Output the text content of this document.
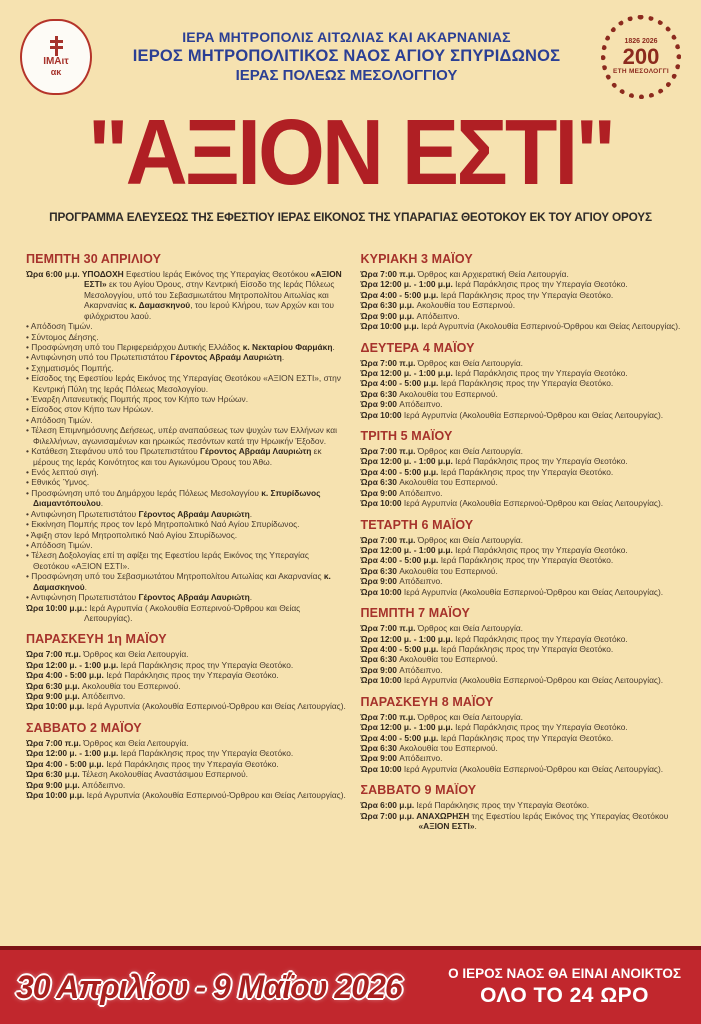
ΙΜΑιτ
ακ
ΙΕΡΑ ΜΗΤΡΟΠΟΛΙΣ ΑΙΤΩΛΙΑΣ ΚΑΙ ΑΚΑΡΝΑΝΙΑΣ
ΙΕΡΟΣ ΜΗΤΡΟΠΟΛΙΤΙΚΟΣ ΝΑΟΣ ΑΓΙΟΥ ΣΠΥΡΙΔΩΝΟΣ
ΙΕΡΑΣ ΠΟΛΕΩΣ ΜΕΣΟΛΟΓΓΙΟΥ
1826 2026
200
ΕΤΗ ΜΕΣΟΛΟΓΓΙ
"ΑΞΙΟΝ ΕΣΤΙ"
ΠΡΟΓΡΑΜΜΑ ΕΛΕΥΣΕΩΣ ΤΗΣ ΕΦΕΣΤΙΟΥ ΙΕΡΑΣ ΕΙΚΟΝΟΣ ΤΗΣ ΥΠΑΡΑΓΙΑΣ ΘΕΟΤΟΚΟΥ ΕΚ ΤΟΥ ΑΓΙΟΥ ΟΡΟΥΣ
ΠΕΜΠΤΗ 30 ΑΠΡΙΛΙΟΥ

Ώρα 6:00 μ.μ. ΥΠΟΔΟΧΗ Εφεστίου Ιεράς Εικόνος της Υπεραγίας Θεοτόκου «ΑΞΙΟΝ ΕΣΤΙ» εκ του Αγίου Όρους, στην Κεντρική Είσοδο της Ιεράς Πόλεως Μεσολογγίου, υπό του Σεβασμιωτάτου Μητροπολίτου Αιτωλίας και Ακαρνανίας κ. Δαμασκηνού, του Ιερού Κλήρου, των Αρχών και του φιλόχριστου λαού.

• Απόδοση Τιμών.

• Σύντομος Δέησης.

• Προσφώνηση υπό του Περιφερειάρχου Δυτικής Ελλάδος κ. Νεκταρίου Φαρμάκη.

• Αντιφώνηση υπό του Πρωτεπιστάτου Γέροντος Αβραάμ Λαυριώτη.

• Σχηματισμός Πομπής.

• Είσοδος της Εφεστίου Ιεράς Εικόνος της Υπεραγίας Θεοτόκου «ΑΞΙΟΝ ΕΣΤΙ», στην Κεντρική Πύλη της Ιεράς Πόλεως Μεσολογγίου.

• Έναρξη Λιτανευτικής Πομπής προς τον Κήπο των Ηρώων.

• Είσοδος στον Κήπο των Ηρώων.

• Απόδοση Τιμών.

• Τέλεση Επιμνημόσυνης Δεήσεως, υπέρ αναπαύσεως των ψυχών των Ελλήνων και Φιλελλήνων, αγωνισαμένων και ηρωικώς πεσόντων κατά την Ηρωικήν Έξοδον.

• Κατάθεση Στεφάνου υπό του Πρωτεπιστάτου Γέροντος Αβραάμ Λαυριώτη εκ μέρους της Ιεράς Κοινότητος και του Αγιωνύμου Όρους του Άθω.

• Ενός λεπτού σιγή.

• Εθνικός Ύμνος.

• Προσφώνηση υπό του Δημάρχου Ιεράς Πόλεως Μεσολογγίου κ. Σπυρίδωνος Διαμαντόπουλου.

• Αντιφώνηση Πρωτεπιστάτου Γέροντος Αβραάμ Λαυριώτη.

• Εκκίνηση Πομπής προς τον Ιερό Μητροπολιτικό Ναό Αγίου Σπυρίδωνος.

• Άφιξη στον Ιερό Μητροπολιτικό Ναό Αγίου Σπυρίδωνος.

• Απόδοση Τιμών.

• Τέλεση Δοξολογίας επί τη αφίξει της Εφεστίου Ιεράς Εικόνος της Υπεραγίας Θεοτόκου «ΑΞΙΟΝ ΕΣΤΙ».

• Προσφώνηση υπό του Σεβασμιωτάτου Μητροπολίτου Αιτωλίας και Ακαρνανίας κ. Δαμασκηνού.

• Αντιφώνηση Πρωτεπιστάτου Γέροντος Αβραάμ Λαυριώτη.

Ώρα 10:00 μ.μ.: Ιερά Αγρυπνία ( Ακολουθία Εσπερινού-Όρθρου και Θείας Λειτουργίας).

ΠΑΡΑΣΚΕΥΗ 1η ΜΑΪΟΥ

Ώρα 7:00 π.μ. Όρθρος και Θεία Λειτουργία.

Ώρα 12:00 μ. - 1:00 μ.μ. Ιερά Παράκλησις προς την Υπεραγία Θεοτόκο.

Ώρα 4:00 - 5:00 μ.μ. Ιερά Παράκλησις προς την Υπεραγία Θεοτόκο.

Ώρα 6:30 μ.μ. Ακολουθία του Εσπερινού.

Ώρα 9:00 μ.μ. Απόδειπνο.

Ώρα 10:00 μ.μ. Ιερά Αγρυπνία (Ακολουθία Εσπερινού-Όρθρου και Θείας Λειτουργίας).

ΣΑΒΒΑΤΟ 2 ΜΑΪΟΥ

Ώρα 7:00 π.μ. Όρθρος και Θεία Λειτουργία.

Ώρα 12:00 μ. - 1:00 μ.μ. Ιερά Παράκλησις προς την Υπεραγία Θεοτόκο.

Ώρα 4:00 - 5:00 μ.μ. Ιερά Παράκλησις προς την Υπεραγία Θεοτόκο.

Ώρα 6:30 μ.μ. Τέλεση Ακολουθίας Αναστάσιμου Εσπερινού.

Ώρα 9:00 μ.μ. Απόδειπνο.

Ώρα 10:00 μ.μ. Ιερά Αγρυπνία (Ακολουθία Εσπερινού-Όρθρου και Θείας Λειτουργίας).

ΚΥΡΙΑΚΗ 3 ΜΑΪΟΥ

Ώρα 7:00 π.μ. Όρθρος και Αρχιερατική Θεία Λειτουργία.

Ώρα 12:00 μ. - 1:00 μ.μ. Ιερά Παράκλησις προς την Υπεραγία Θεοτόκο.

Ώρα 4:00 - 5:00 μ.μ. Ιερά Παράκλησις προς την Υπεραγία Θεοτόκο.

Ώρα 6:30 μ.μ. Ακολουθία του Εσπερινού.

Ώρα 9:00 μ.μ. Απόδειπνο.

Ώρα 10:00 μ.μ. Ιερά Αγρυπνία (Ακολουθία Εσπερινού-Όρθρου και Θείας Λειτουργίας).

ΔΕΥΤΕΡΑ 4 ΜΑΪΟΥ

Ώρα 7:00 π.μ. Όρθρος και Θεία Λειτουργία.

Ώρα 12:00 μ. - 1:00 μ.μ. Ιερά Παράκλησις προς την Υπεραγία Θεοτόκο.

Ώρα 4:00 - 5:00 μ.μ. Ιερά Παράκλησις προς την Υπεραγία Θεοτόκο.

Ώρα 6:30 Ακολουθία του Εσπερινού.

Ώρα 9:00 Απόδειπνο.

Ώρα 10:00 Ιερά Αγρυπνία (Ακολουθία Εσπερινού-Όρθρου και Θείας Λειτουργίας).

ΤΡΙΤΗ 5 ΜΑΪΟΥ

Ώρα 7:00 π.μ. Όρθρος και Θεία Λειτουργία.

Ώρα 12:00 μ. - 1:00 μ.μ. Ιερά Παράκλησις προς την Υπεραγία Θεοτόκο.

Ώρα 4:00 - 5:00 μ.μ. Ιερά Παράκλησις προς την Υπεραγία Θεοτόκο.

Ώρα 6:30 Ακολουθία του Εσπερινού.

Ώρα 9:00 Απόδειπνο.

Ώρα 10:00 Ιερά Αγρυπνία (Ακολουθία Εσπερινού-Όρθρου και Θείας Λειτουργίας).

ΤΕΤΑΡΤΗ 6 ΜΑΪΟΥ

Ώρα 7:00 π.μ. Όρθρος και Θεία Λειτουργία.

Ώρα 12:00 μ. - 1:00 μ.μ. Ιερά Παράκλησις προς την Υπεραγία Θεοτόκο.

Ώρα 4:00 - 5:00 μ.μ. Ιερά Παράκλησις προς την Υπεραγία Θεοτόκο.

Ώρα 6:30 Ακολουθία του Εσπερινού.

Ώρα 9:00 Απόδειπνο.

Ώρα 10:00 Ιερά Αγρυπνία (Ακολουθία Εσπερινού-Όρθρου και Θείας Λειτουργίας).

ΠΕΜΠΤΗ 7 ΜΑΪΟΥ

Ώρα 7:00 π.μ. Όρθρος και Θεία Λειτουργία.

Ώρα 12:00 μ. - 1:00 μ.μ. Ιερά Παράκλησις προς την Υπεραγία Θεοτόκο.

Ώρα 4:00 - 5:00 μ.μ. Ιερά Παράκλησις προς την Υπεραγία Θεοτόκο.

Ώρα 6:30 Ακολουθία του Εσπερινού.

Ώρα 9:00 Απόδειπνο.

Ώρα 10:00 Ιερά Αγρυπνία (Ακολουθία Εσπερινού-Όρθρου και Θείας Λειτουργίας).

ΠΑΡΑΣΚΕΥΗ 8 ΜΑΪΟΥ

Ώρα 7:00 π.μ. Όρθρος και Θεία Λειτουργία.

Ώρα 12:00 μ. - 1:00 μ.μ. Ιερά Παράκλησις προς την Υπεραγία Θεοτόκο.

Ώρα 4:00 - 5:00 μ.μ. Ιερά Παράκλησις προς την Υπεραγία Θεοτόκο.

Ώρα 6:30 Ακολουθία του Εσπερινού.

Ώρα 9:00 Απόδειπνο.

Ώρα 10:00 Ιερά Αγρυπνία (Ακολουθία Εσπερινού-Όρθρου και Θείας Λειτουργίας).

ΣΑΒΒΑΤΟ 9 ΜΑΪΟΥ

Ώρα 6:00 μ.μ. Ιερά Παράκλησις προς την Υπεραγία Θεοτόκο.

Ώρα 7:00 μ.μ. ΑΝΑΧΩΡΗΣΗ της Εφεστίου Ιεράς Εικόνος της Υπεραγίας Θεοτόκου «ΑΞΙΟΝ ΕΣΤΙ».

30 Απριλίου - 9 Μαΐου 2026	Ο ΙΕΡΟΣ ΝΑΟΣ ΘΑ ΕΙΝΑΙ ΑΝΟΙΚΤΟΣ
ΟΛΟ ΤΟ 24 ΩΡΟ
